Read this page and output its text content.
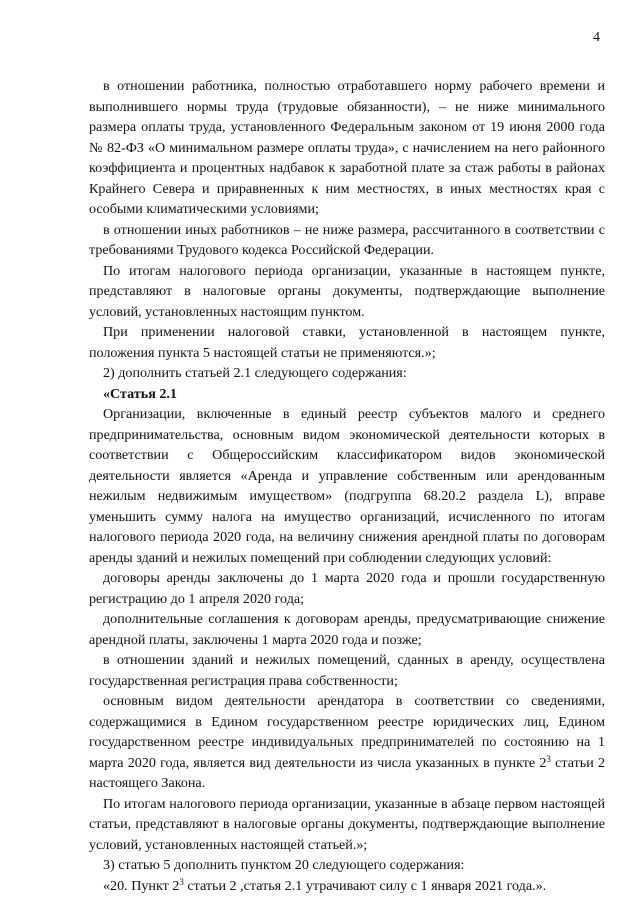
4

в отношении работника, полностью отработавшего норму рабочего времени и выполнившего нормы труда (трудовые обязанности), – не ниже минимального размера оплаты труда, установленного Федеральным законом от 19 июня 2000 года № 82-ФЗ «О минимальном размере оплаты труда», с начислением на него районного коэффициента и процентных надбавок к заработной плате за стаж работы в районах Крайнего Севера и приравненных к ним местностях, в иных местностях края с особыми климатическими условиями;

в отношении иных работников – не ниже размера, рассчитанного в соответствии с требованиями Трудового кодекса Российской Федерации.

По итогам налогового периода организации, указанные в настоящем пункте, представляют в налоговые органы документы, подтверждающие выполнение условий, установленных настоящим пунктом.

При применении налоговой ставки, установленной в настоящем пункте, положения пункта 5 настоящей статьи не применяются.»;

2) дополнить статьей 2.1 следующего содержания:

«Статья 2.1

Организации, включенные в единый реестр субъектов малого и среднего предпринимательства, основным видом экономической деятельности которых в соответствии с Общероссийским классификатором видов экономической деятельности является «Аренда и управление собственным или арендованным нежилым недвижимым имуществом» (подгруппа 68.20.2 раздела L), вправе уменьшить сумму налога на имущество организаций, исчисленного по итогам налогового периода 2020 года, на величину снижения арендной платы по договорам аренды зданий и нежилых помещений при соблюдении следующих условий:

договоры аренды заключены до 1 марта 2020 года и прошли государственную регистрацию до 1 апреля 2020 года;

дополнительные соглашения к договорам аренды, предусматривающие снижение арендной платы, заключены 1 марта 2020 года и позже;

в отношении зданий и нежилых помещений, сданных в аренду, осуществлена государственная регистрация права собственности;

основным видом деятельности арендатора в соответствии со сведениями, содержащимися в Едином государственном реестре юридических лиц, Едином государственном реестре индивидуальных предпринимателей по состоянию на 1 марта 2020 года, является вид деятельности из числа указанных в пункте $2^3$ статьи 2 настоящего Закона.

По итогам налогового периода организации, указанные в абзаце первом настоящей статьи, представляют в налоговые органы документы, подтверждающие выполнение условий, установленных настоящей статьей.»;

3) статью 5 дополнить пунктом 20 следующего содержания:

«20. Пункт $2^3$ статьи 2 ,статья 2.1 утрачивают силу с 1 января 2021 года.».
